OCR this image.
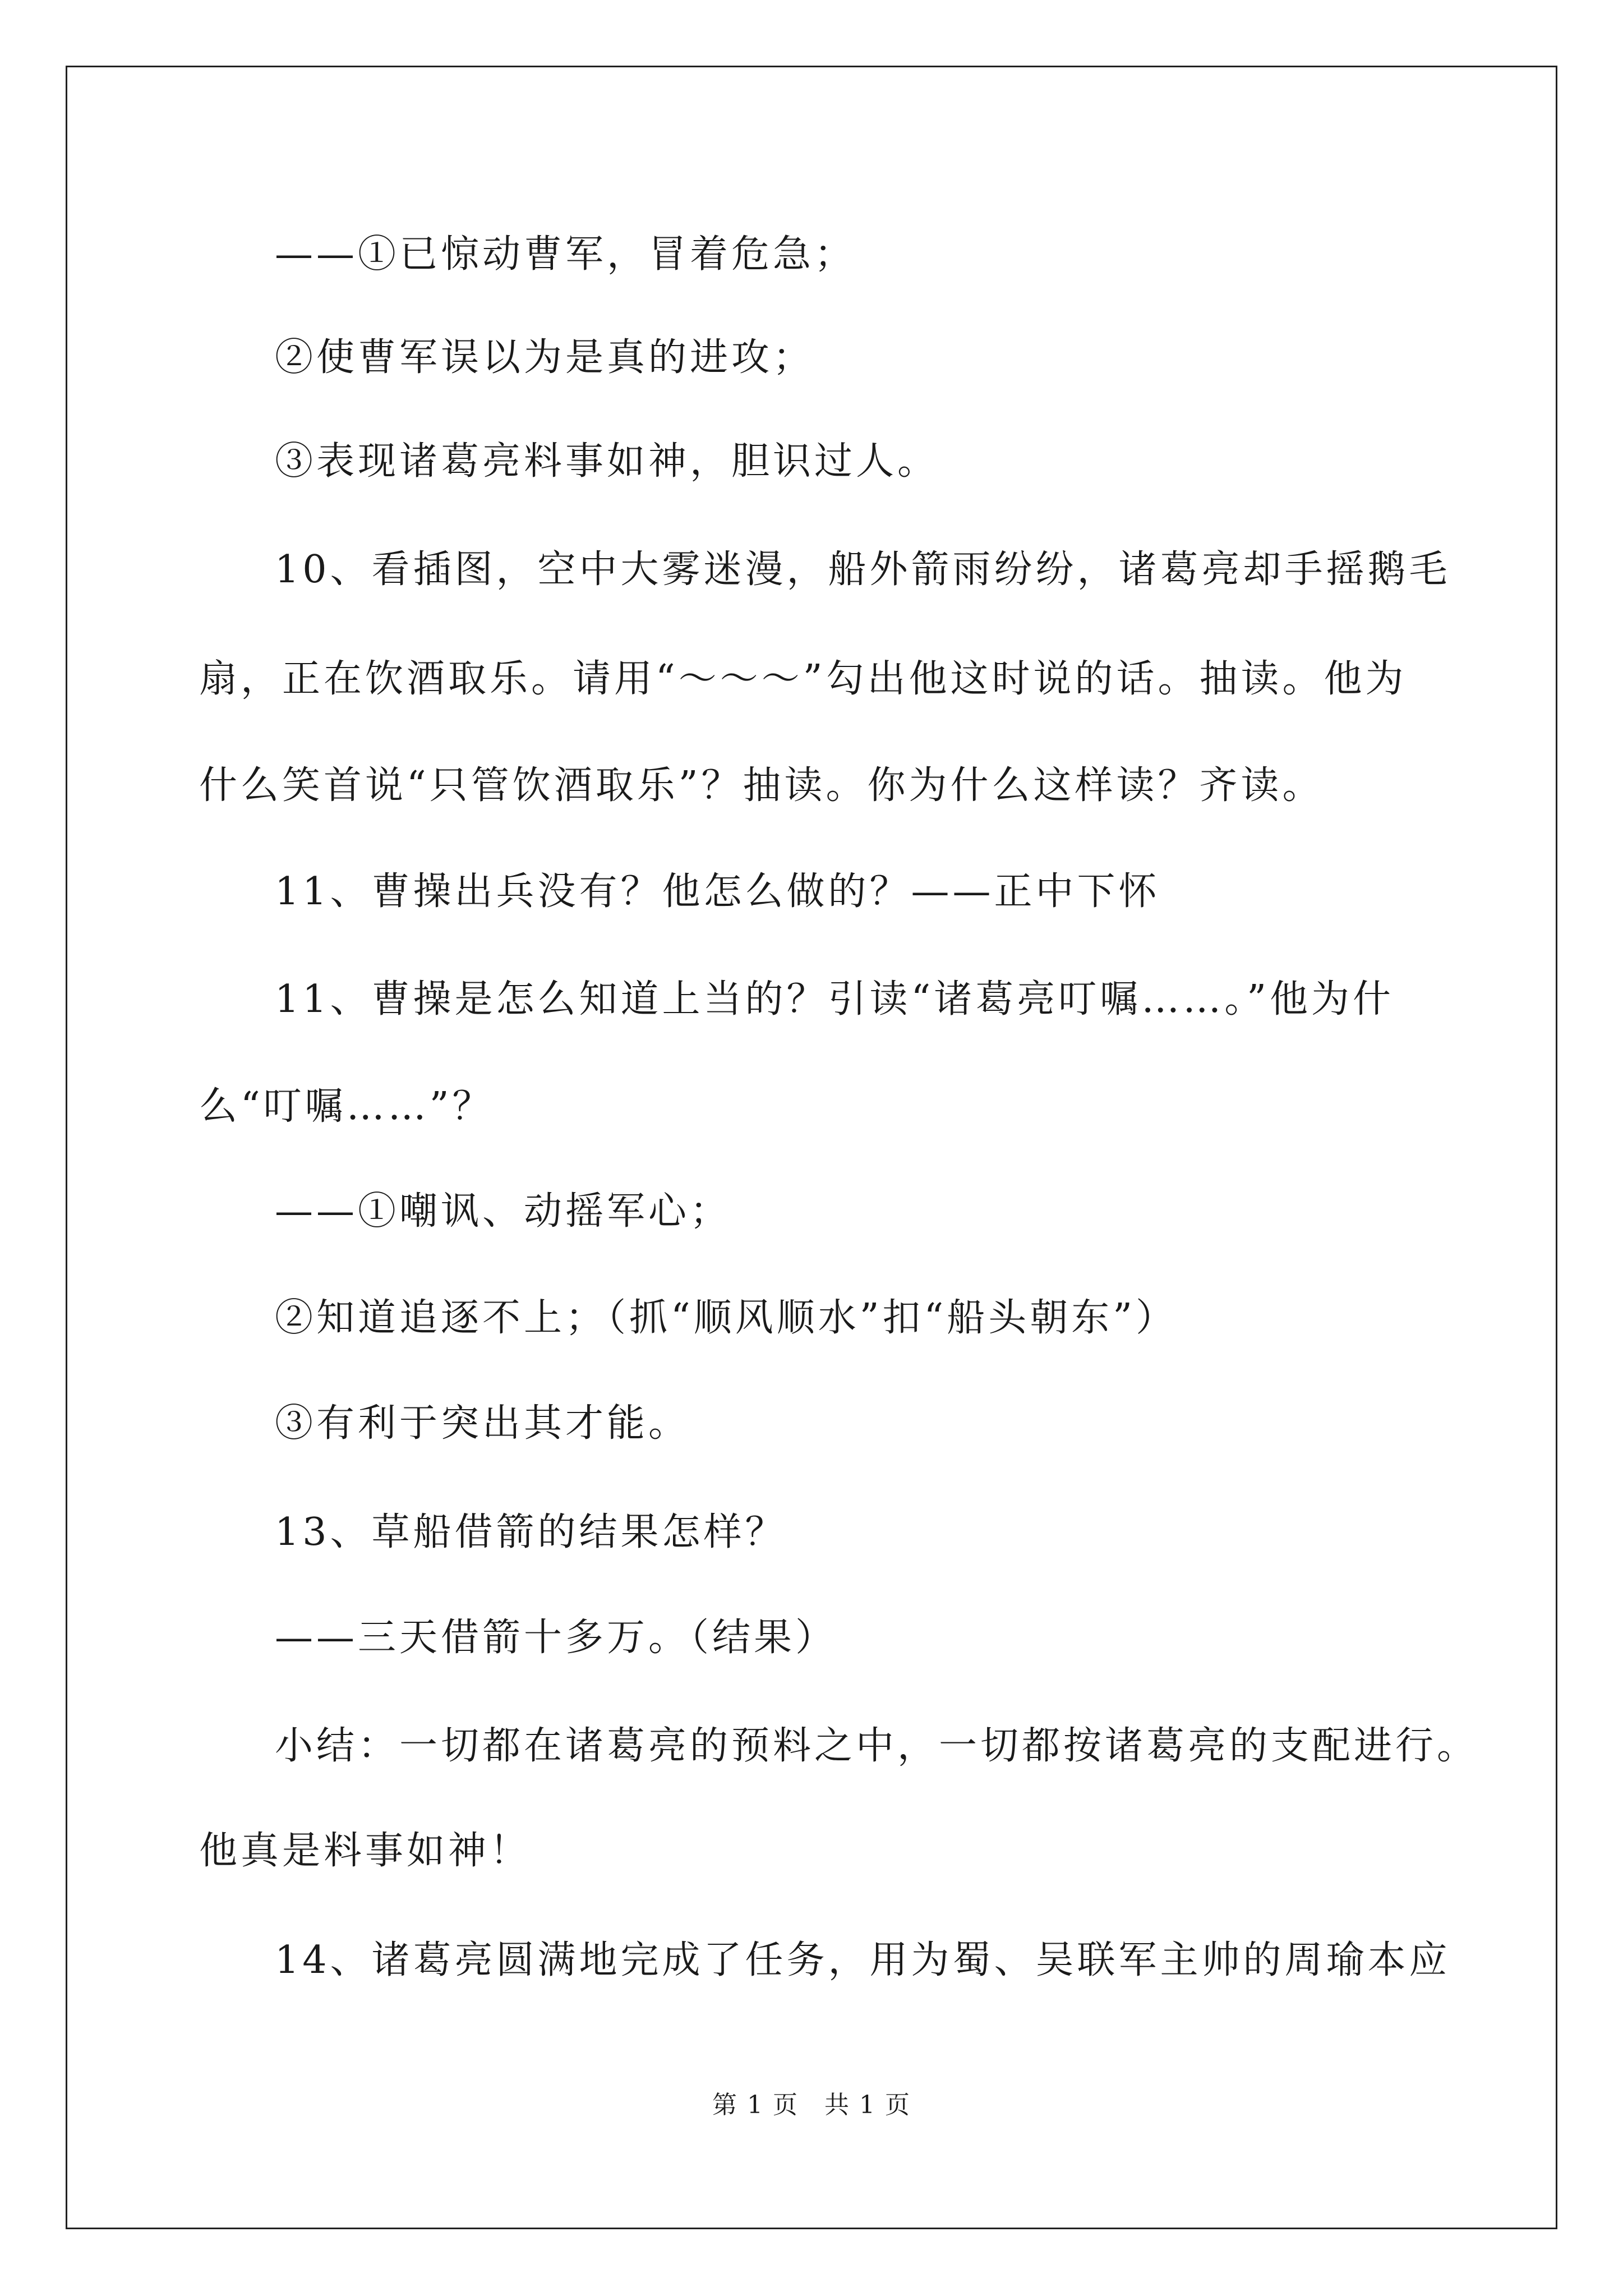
——①已惊动曹军，冒着危急；
②使曹军误以为是真的进攻；
③表现诸葛亮料事如神，胆识过人。
10、看插图，空中大雾迷漫，船外箭雨纷纷，诸葛亮却手摇鹅毛
扇，正在饮酒取乐。请用“～～～”勾出他这时说的话。抽读。他为
什么笑首说“只管饮酒取乐”？抽读。你为什么这样读？齐读。
11、曹操出兵没有？他怎么做的？——正中下怀
11、曹操是怎么知道上当的？引读“诸葛亮叮嘱……。”他为什
么“叮嘱……”？
——①嘲讽、动摇军心；
②知道追逐不上；（抓“顺风顺水”扣“船头朝东”）
③有利于突出其才能。
13、草船借箭的结果怎样？
——三天借箭十多万。（结果）
小结：一切都在诸葛亮的预料之中，一切都按诸葛亮的支配进行。
他真是料事如神！
14、诸葛亮圆满地完成了任务，用为蜀、吴联军主帅的周瑜本应
第 1 页　共 1 页
